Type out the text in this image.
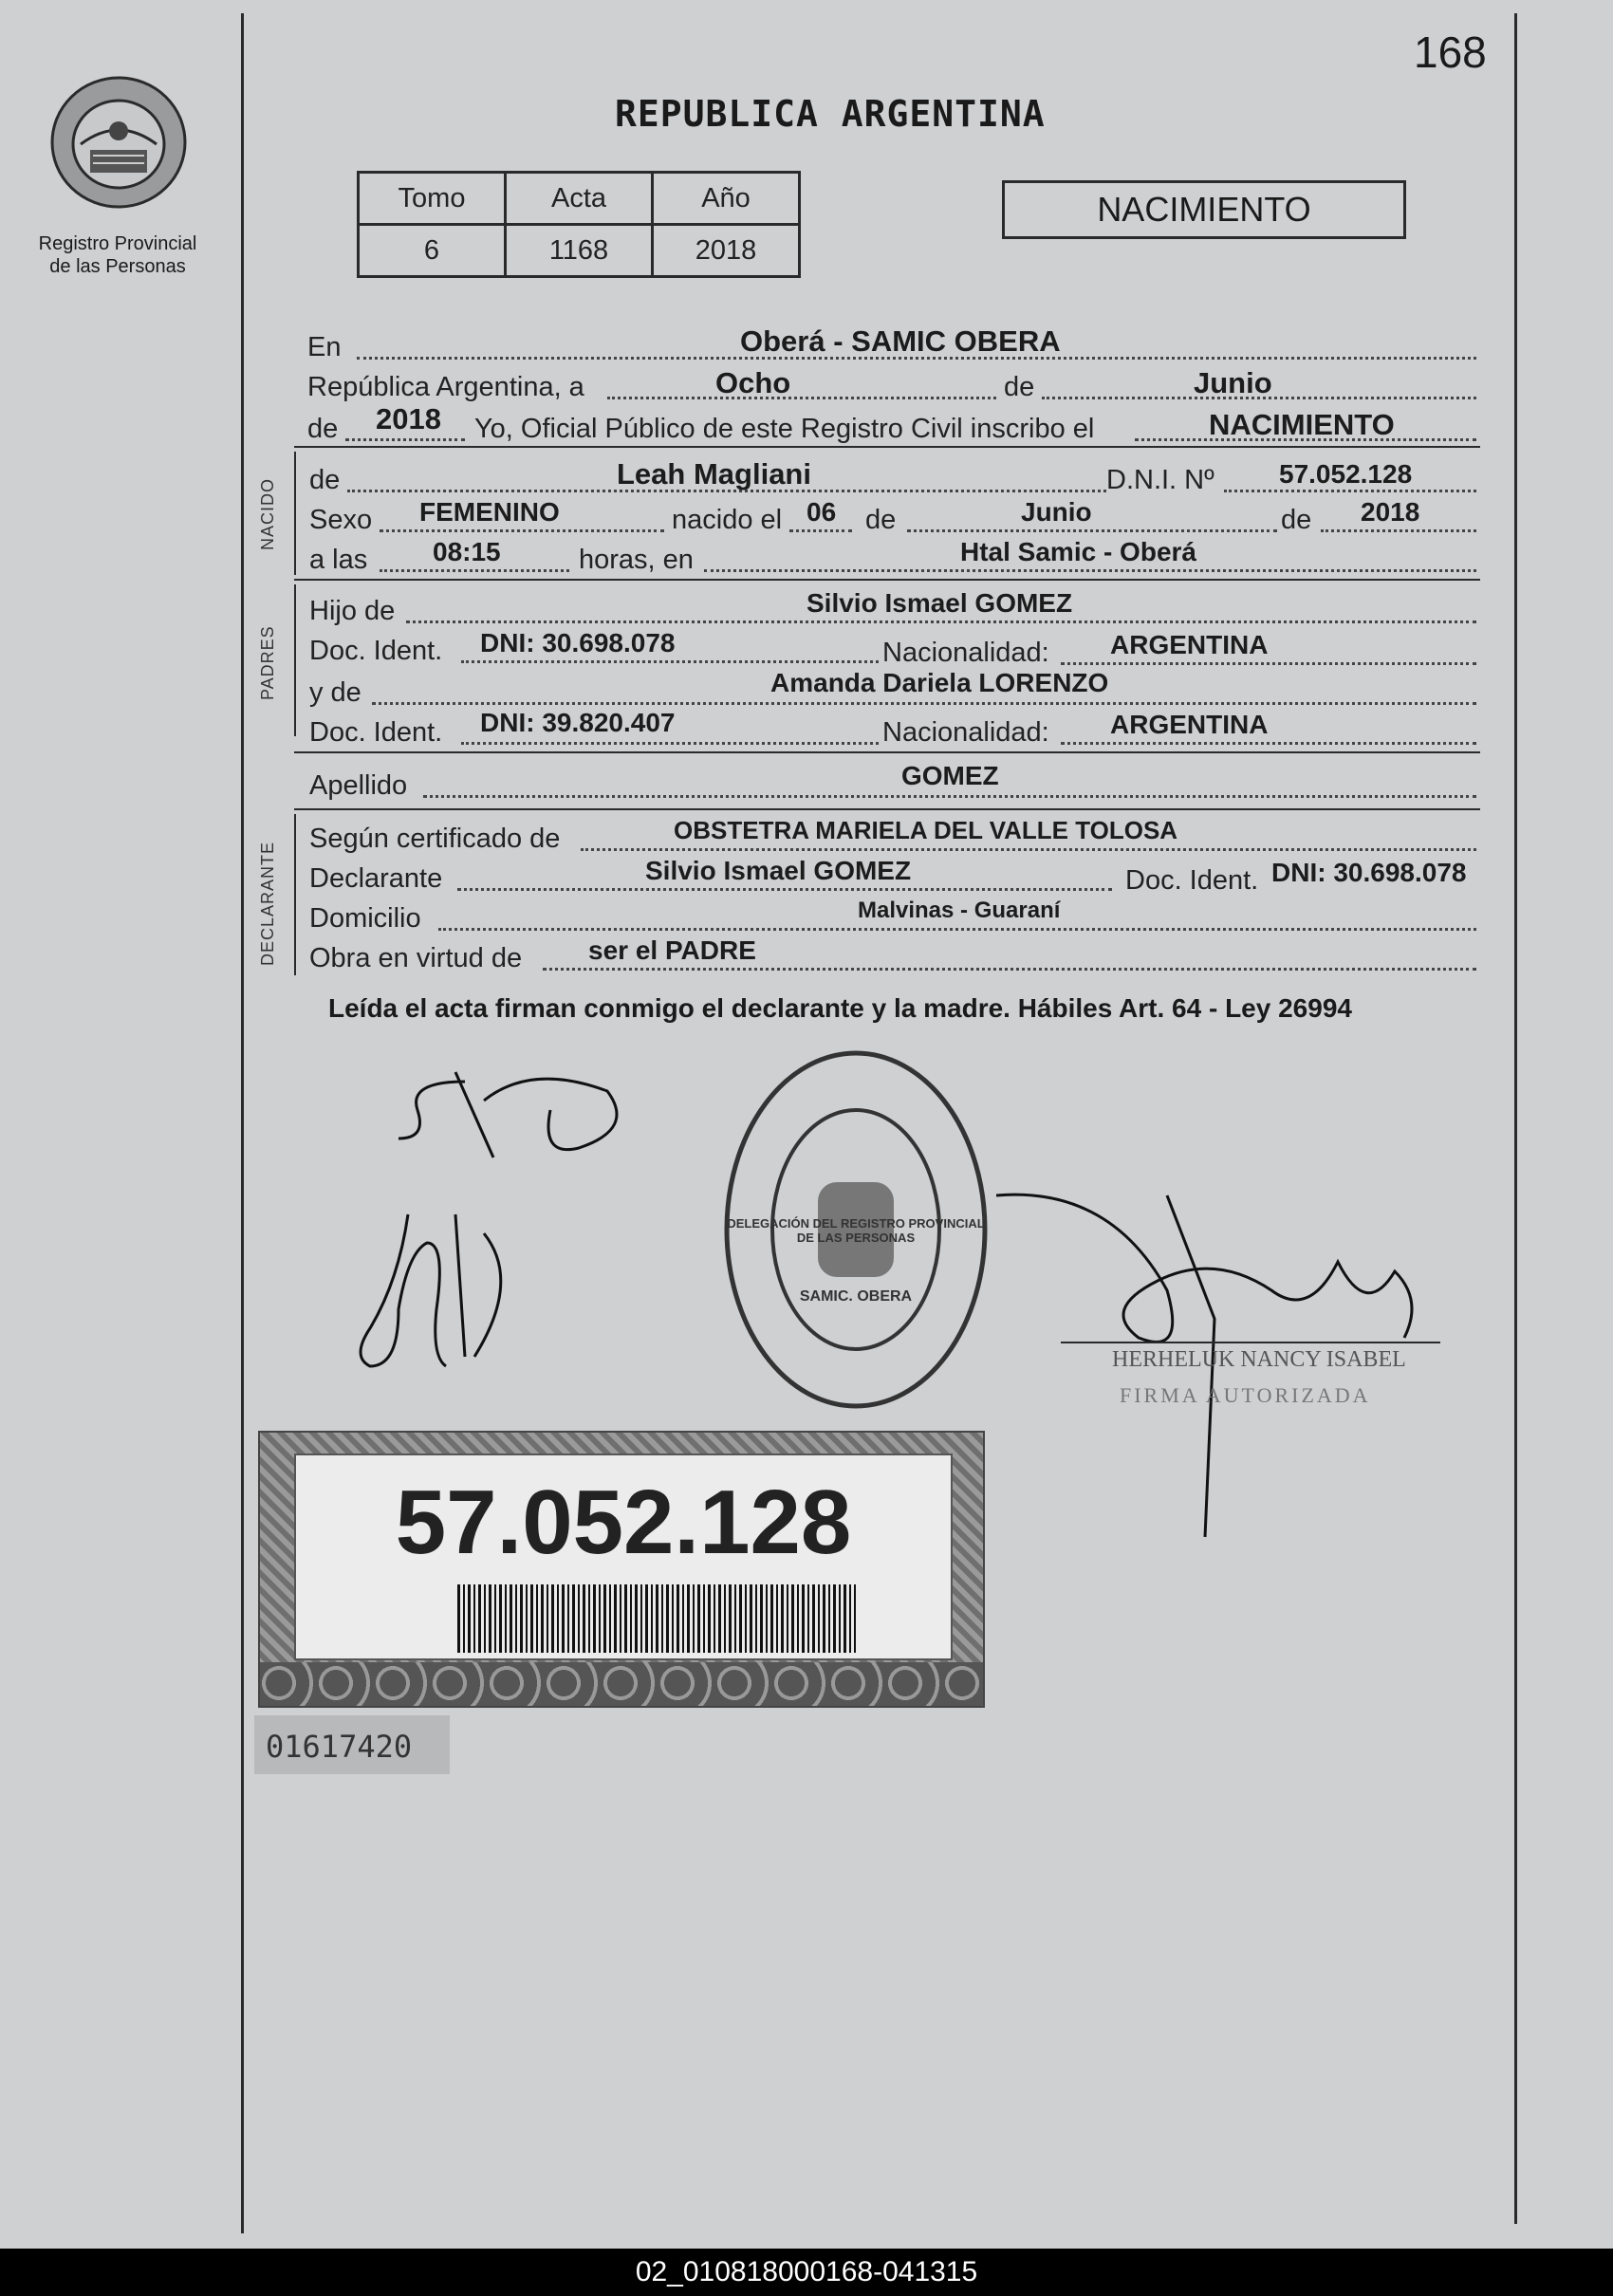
168
Registro Provincial
de las Personas
REPUBLICA ARGENTINA
Tomo	Acta	Año
6	1168	2018
NACIMIENTO
En	Oberá - SAMIC OBERA
República Argentina, a	Ocho	de	Junio
de 2018 Yo, Oficial Público de este Registro Civil inscribo el	NACIMIENTO
NACIDO de	Leah Magliani	D.N.I. Nº 57.052.128
Sexo FEMENINO	nacido el 06 de	Junio	de 2018
a las 08:15	horas, en	Htal Samic - Oberá
PADRES
Hijo de	Silvio Ismael GOMEZ
Doc. Ident. DNI: 30.698.078	Nacionalidad: ARGENTINA
y de	Amanda Dariela LORENZO
Doc. Ident. DNI: 39.820.407	Nacionalidad: ARGENTINA
Apellido	GOMEZ
DECLARANTE
Según certificado de	OBSTETRA MARIELA DEL VALLE TOLOSA
Declarante	Silvio Ismael GOMEZ	Doc. Ident. DNI: 30.698.078
Domicilio	Malvinas - Guaraní
Obra en virtud de ser el PADRE
Leída el acta firman conmigo el declarante y la madre. Hábiles Art. 64 - Ley 26994
DELEGACIÓN DEL REGISTRO PROVINCIAL DE LAS PERSONAS
SAMIC. OBERA
HERHELUK NANCY ISABEL
FIRMA AUTORIZADA
57.052.128
01617420
02_010818000168-041315
